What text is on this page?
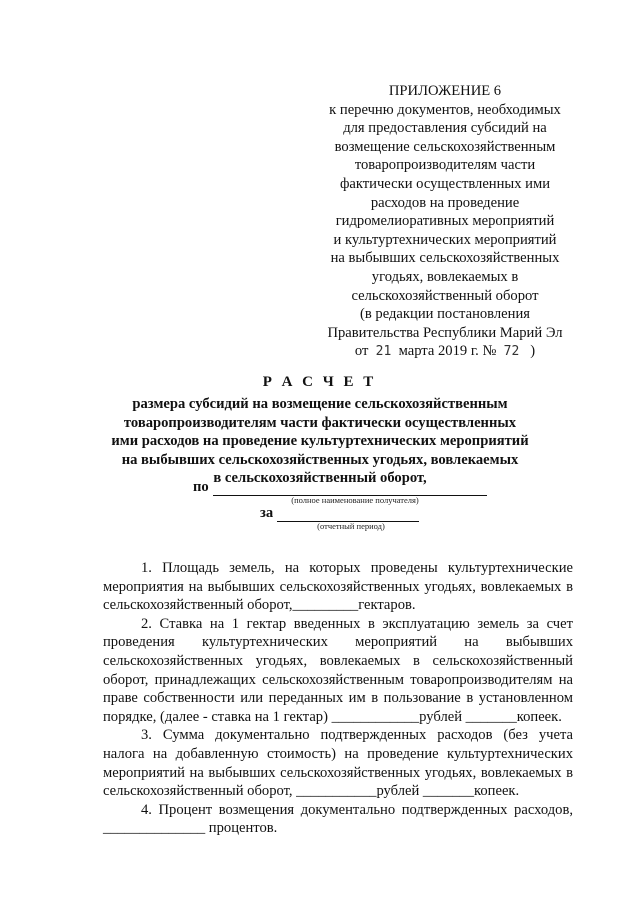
ПРИЛОЖЕНИЕ 6
к перечню документов, необходимых
для предоставления субсидий на
возмещение сельскохозяйственным
товаропроизводителям части
фактически осуществленных ими
расходов на проведение
гидромелиоративных мероприятий
и культуртехнических мероприятий
на выбывших сельскохозяйственных
угодьях, вовлекаемых в
сельскохозяйственный оборот
(в редакции постановления
Правительства Республики Марий Эл
от 21 марта 2019 г. № 72 )
Р А С Ч Е Т
размера субсидий на возмещение сельскохозяйственным
товаропроизводителям части фактически осуществленных
ими расходов на проведение культуртехнических мероприятий
на выбывших сельскохозяйственных угодьях, вовлекаемых
в сельскохозяйственный оборот,
по
(полное наименование получателя)
за
(отчетный период)

1. Площадь земель, на которых проведены культуртехнические мероприятия на выбывших сельскохозяйственных угодьях, вовлекаемых в сельскохозяйственный оборот,_________гектаров.

2. Ставка на 1 гектар введенных в эксплуатацию земель за счет проведения культуртехнических мероприятий на выбывших сельскохозяйственных угодьях, вовлекаемых в сельскохозяйственный оборот, принадлежащих сельскохозяйственным товаропроизводителям на праве собственности или переданных им в пользование в установленном порядке, (далее - ставка на 1 гектар) ____________рублей _______копеек.

3. Сумма документально подтвержденных расходов (без учета налога на добавленную стоимость) на проведение культуртехнических мероприятий на выбывших сельскохозяйственных угодьях, вовлекаемых в сельскохозяйственный оборот, ___________рублей _______копеек.

4. Процент возмещения документально подтвержденных расходов, ______________ процентов.
